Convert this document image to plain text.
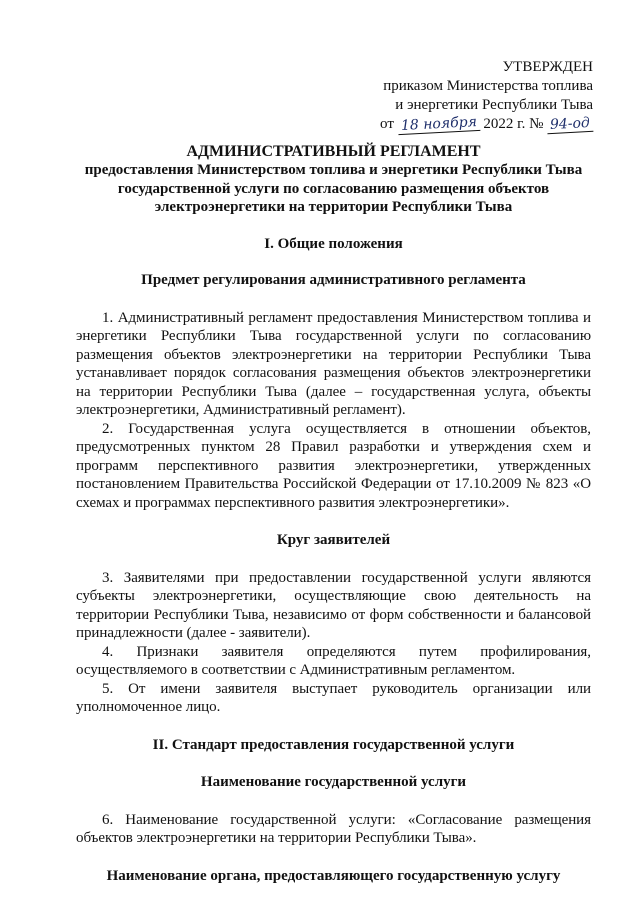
УТВЕРЖДЕН
приказом Министерства топлива
и энергетики Республики Тыва
от 18 ноября 2022 г. № 94-од

АДМИНИСТРАТИВНЫЙ РЕГЛАМЕНТ

предоставления Министерством топлива и энергетики Республики Тыва государственной услуги по согласованию размещения объектов электроэнергетики на территории Республики Тыва

I. Общие положения

Предмет регулирования административного регламента

1. Административный регламент предоставления Министерством топлива и энергетики Республики Тыва государственной услуги по согласованию размещения объектов электроэнергетики на территории Республики Тыва устанавливает порядок согласования размещения объектов электроэнергетики на территории Республики Тыва (далее – государственная услуга, объекты электроэнергетики, Административный регламент).

2. Государственная услуга осуществляется в отношении объектов, предусмотренных пунктом 28 Правил разработки и утверждения схем и программ перспективного развития электроэнергетики, утвержденных постановлением Правительства Российской Федерации от 17.10.2009 № 823 «О схемах и программах перспективного развития электроэнергетики».

Круг заявителей

3. Заявителями при предоставлении государственной услуги являются субъекты электроэнергетики, осуществляющие свою деятельность на территории Республики Тыва, независимо от форм собственности и балансовой принадлежности (далее - заявители).

4. Признаки заявителя определяются путем профилирования, осуществляемого в соответствии с Административным регламентом.

5. От имени заявителя выступает руководитель организации или уполномоченное лицо.

II. Стандарт предоставления государственной услуги

Наименование государственной услуги

6. Наименование государственной услуги: «Согласование размещения объектов электроэнергетики на территории Республики Тыва».

Наименование органа, предоставляющего государственную услугу
